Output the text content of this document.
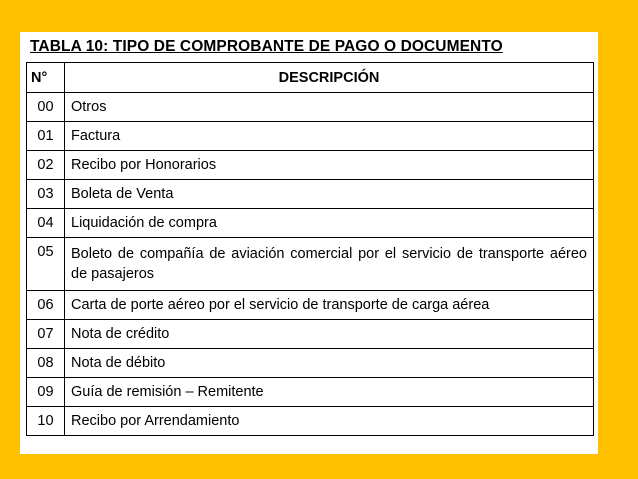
TABLA 10: TIPO DE COMPROBANTE DE PAGO O DOCUMENTO
N°	DESCRIPCIÓN
00	Otros
01	Factura
02	Recibo por Honorarios
03	Boleta de Venta
04	Liquidación de compra
05	Boleto de compañía de aviación comercial por el servicio de transporte aéreo de pasajeros
06	Carta de porte aéreo por el servicio de transporte de carga aérea
07	Nota de crédito
08	Nota de débito
09	Guía de remisión – Remitente
10	Recibo por Arrendamiento
